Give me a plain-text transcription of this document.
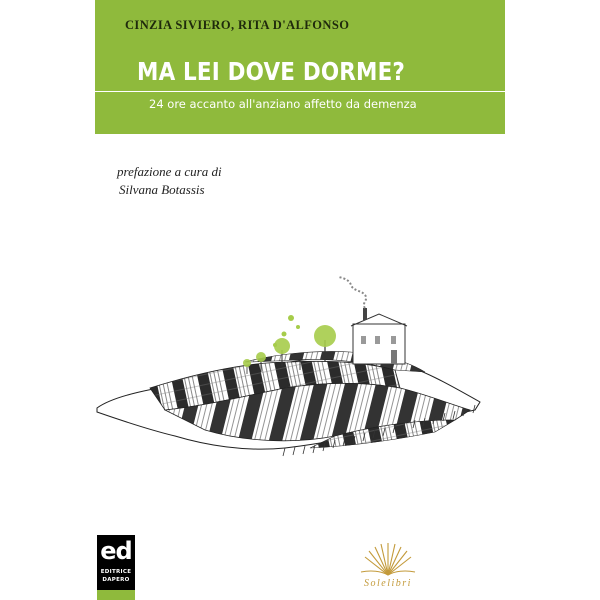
CINZIA SIVIERO, RITA D'ALFONSO
MA LEI DOVE DORME?
24 ore accanto all'anziano affetto da demenza
prefazione a cura di
Silvana Botassis
ed
EDITRICE
DAPERO	Solelibri
